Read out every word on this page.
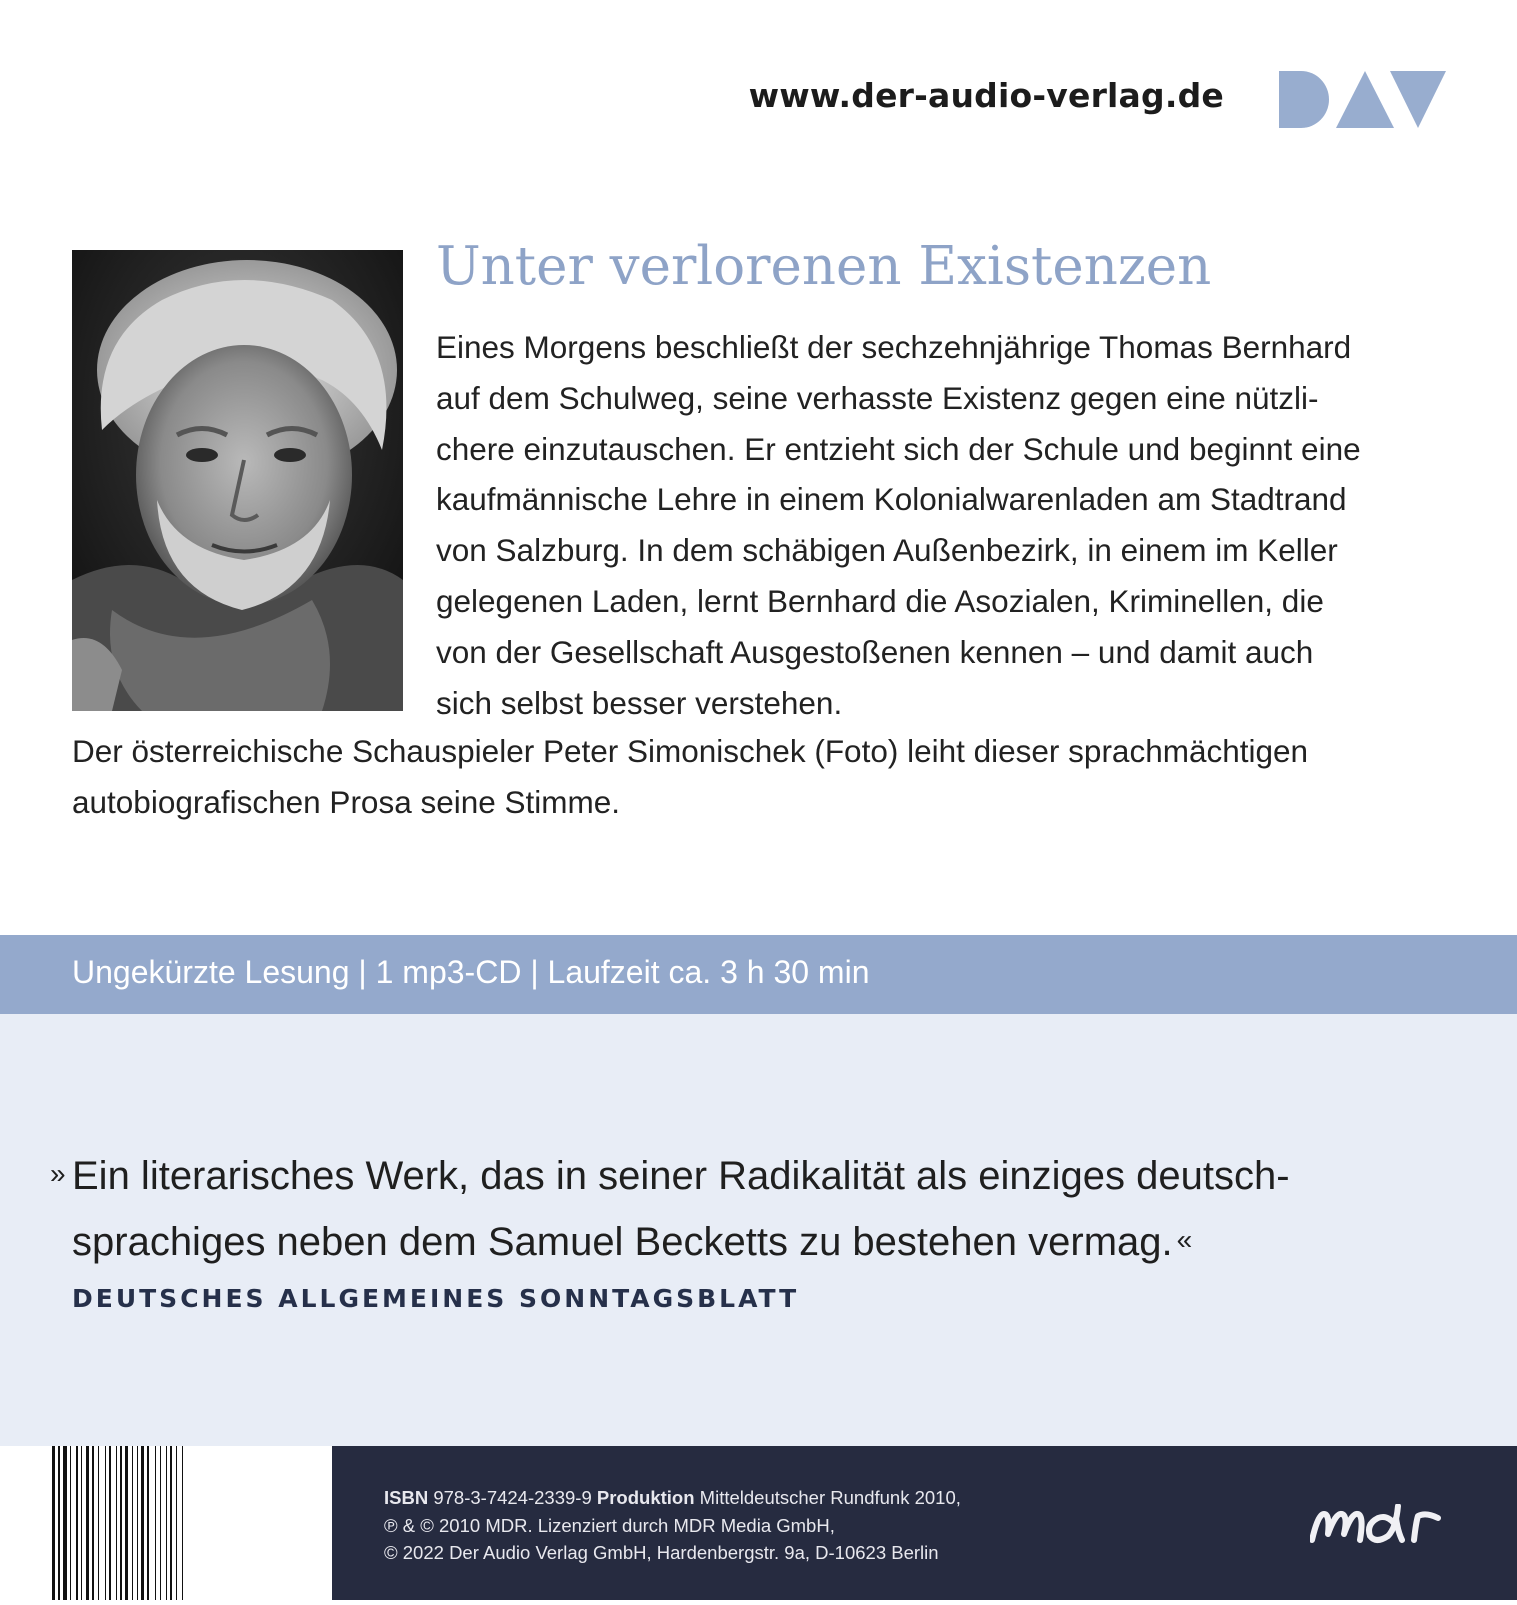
www.der-audio-verlag.de
Unter verlorenen Existenzen
Eines Morgens beschließt der sechzehnjährige Thomas Bernhard
auf dem Schulweg, seine verhasste Existenz gegen eine nützli-
chere einzutauschen. Er entzieht sich der Schule und beginnt eine
kaufmännische Lehre in einem Kolonialwarenladen am Stadtrand
von Salzburg. In dem schäbigen Außenbezirk, in einem im Keller
gelegenen Laden, lernt Bernhard die Asozialen, Kriminellen, die
von der Gesellschaft Ausgestoßenen kennen – und damit auch
sich selbst besser verstehen.
Der österreichische Schauspieler Peter Simonischek (Foto) leiht dieser sprachmächtigen
autobiografischen Prosa seine Stimme.
Ungekürzte Lesung | 1 mp3-CD | Laufzeit ca. 3 h 30 min

» Ein literarisches Werk, das in seiner Radikalität als einziges deutsch-
sprachiges neben dem Samuel Becketts zu bestehen vermag. «

DEUTSCHES ALLGEMEINES SONNTAGSBLATT
ISBN 978-3-7424-2339-9 Produktion Mitteldeutscher Rundfunk 2010,
℗ & © 2010 MDR. Lizenziert durch MDR Media GmbH,
© 2022 Der Audio Verlag GmbH, Hardenbergstr. 9a, D-10623 Berlin
